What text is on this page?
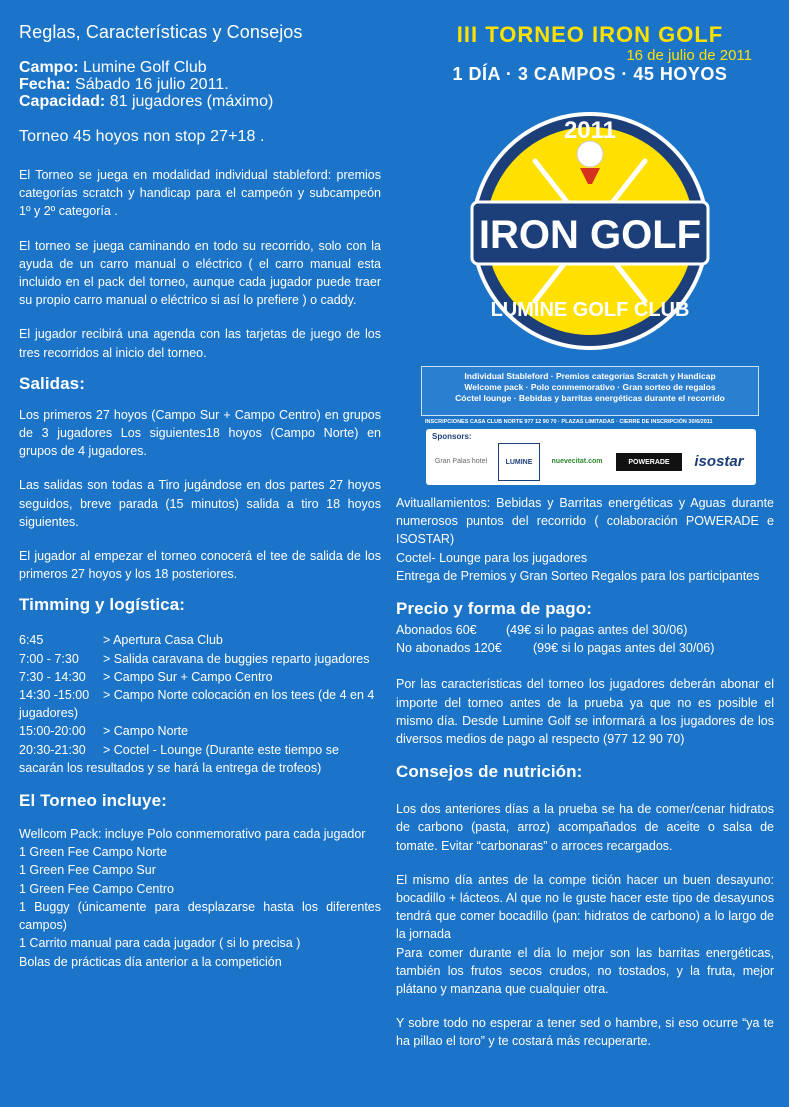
Reglas, Características y Consejos
Campo: Lumine Golf Club
Fecha: Sábado 16 julio 2011.
Capacidad: 81 jugadores (máximo)
Torneo 45 hoyos non stop 27+18 .

El Torneo se juega en modalidad individual stableford: premios categorías scratch y handicap para el campeón y subcampeón 1º y 2º categoría .

El torneo se juega caminando en todo su recorrido, solo con la ayuda de un carro manual o eléctrico ( el carro manual esta incluido en el pack del torneo, aunque cada jugador puede traer su propio carro manual o eléctrico si así lo prefiere ) o caddy.

El jugador recibirá una agenda con las tarjetas de juego de los tres recorridos al inicio del torneo.

Salidas:

Los primeros 27 hoyos (Campo Sur + Campo Centro) en grupos de 3 jugadores Los siguientes18 hoyos (Campo Norte) en grupos de 4 jugadores.

Las salidas son todas a Tiro jugándose en dos partes 27 hoyos seguidos, breve parada (15 minutos) salida a tiro 18 hoyos siguientes.

El jugador al empezar el torneo conocerá el tee de salida de los primeros 27 hoyos y los 18 posteriores.

Timming y logística:
6:45	> Apertura Casa Club
7:00 - 7:30 > Salida caravana de buggies reparto jugadores
7:30 - 14:30 > Campo Sur + Campo Centro
14:30 -15:00 > Campo Norte colocación en los tees (de 4 en 4 jugadores)
15:00-20:00 > Campo Norte
20:30-21:30 > Coctel - Lounge (Durante este tiempo se sacarán los resultados y se hará la entrega de trofeos)
El Torneo incluye:
Wellcom Pack: incluye Polo conmemorativo para cada jugador
1 Green Fee Campo Norte
1 Green Fee Campo Sur
1 Green Fee Campo Centro
1 Buggy (únicamente para desplazarse hasta los diferentes campos)
1 Carrito manual para cada jugador ( si lo precisa )
Bolas de prácticas día anterior a la competición
III TORNEO IRON GOLF
16 de julio de 2011
1 DÍA · 3 CAMPOS · 45 HOYOS
2011
IRON GOLF
LUMINE GOLF CLUB
Individual Stableford · Premios categorías Scratch y Handicap
Welcome pack · Polo conmemorativo · Gran sorteo de regalos
Cóctel lounge · Bebidas y barritas energéticas durante el recorrido
INSCRIPCIONES CASA CLUB NORTE 977 12 90 70 · PLAZAS LIMITADAS · CIERRE DE INSCRIPCIÓN 30/6/2011
Sponsors:
Gran Palas hotel	LUMINE	nuevecitat.com	POWERADE	isostar

Avituallamientos: Bebidas y Barritas energéticas y Aguas durante numerosos puntos del recorrido ( colaboración POWERADE e ISOSTAR)

Coctel- Lounge para los jugadores

Entrega de Premios y Gran Sorteo Regalos para los participantes

Precio y forma de pago:
Abonados 60€ (49€ si lo pagas antes del 30/06)
No abonados 120€	(99€ si lo pagas antes del 30/06)

Por las características del torneo los jugadores deberán abonar el importe del torneo antes de la prueba ya que no es posible el mismo día. Desde Lumine Golf se informará a los jugadores de los diversos medios de pago al respecto (977 12 90 70)

Consejos de nutrición:

Los dos anteriores días a la prueba se ha de comer/cenar hidratos de carbono (pasta, arroz) acompañados de aceite o salsa de tomate. Evitar “carbonaras” o arroces recargados.

El mismo día antes de la compe tición hacer un buen desayuno: bocadillo + lácteos. Al que no le guste hacer este tipo de desayunos tendrá que comer bocadillo (pan: hidratos de carbono) a lo largo de la jornada

Para comer durante el día lo mejor son las barritas energéticas, también los frutos secos crudos, no tostados, y la fruta, mejor plátano y manzana que cualquier otra.

Y sobre todo no esperar a tener sed o hambre, si eso ocurre “ya te ha pillao el toro” y te costará más recuperarte.
